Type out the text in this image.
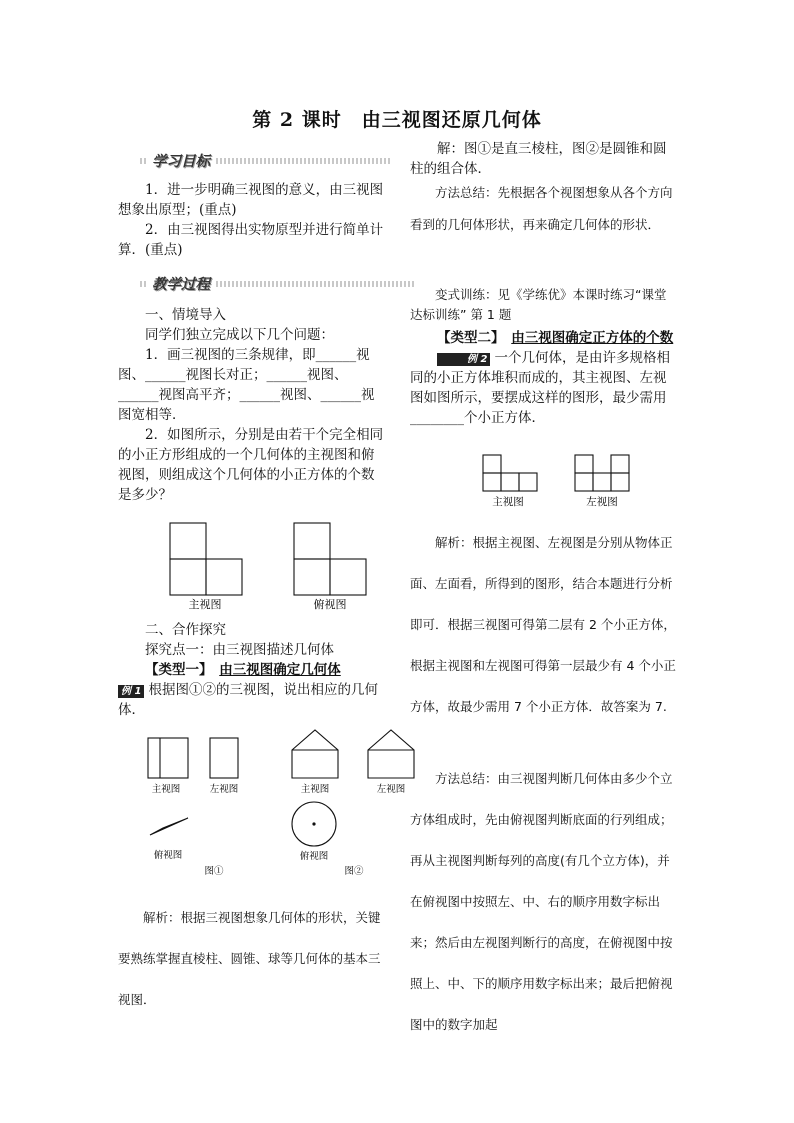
第 2 课时　由三视图还原几何体
学习目标

1．进一步明确三视图的意义，由三视图想象出原型；(重点)

2．由三视图得出实物原型并进行简单计算．(重点)

教学过程

一、情境导入

同学们独立完成以下几个问题：

1．画三视图的三条规律，即______视图、______视图长对正；______视图、______视图高平齐；______视图、______视图宽相等．

2．如图所示，分别是由若干个完全相同的小正方形组成的一个几何体的主视图和俯视图，则组成这个几何体的小正方体的个数是多少？

主视图	俯视图

二、合作探究

探究点一：由三视图描述几何体

【类型一】　 由三视图确定几何体

例 1 根据图①②的三视图，说出相应的几何体．

主视图	左视图
俯视图
图①
主视图	左视图
俯视图
图②

解析：根据三视图想象几何体的形状，关键要熟练掌握直棱柱、圆锥、球等几何体的基本三视图．

解：图①是直三棱柱，图②是圆锥和圆柱的组合体．

方法总结：先根据各个视图想象从各个方向看到的几何体形状，再来确定几何体的形状．

变式训练：见《学练优》本课时练习“课堂达标训练” 第 1 题

【类型二】　 由三视图确定正方体的个数

例 2 一个几何体，是由许多规格相同的小正方体堆积而成的，其主视图、左视图如图所示，要摆成这样的图形，最少需用________个小正方体．

主视图	左视图

解析：根据主视图、左视图是分别从物体正面、左面看，所得到的图形，结合本题进行分析即可．根据三视图可得第二层有 2 个小正方体，根据主视图和左视图可得第一层最少有 4 个小正方体，故最少需用 7 个小正方体．故答案为 7.

方法总结：由三视图判断几何体由多少个立方体组成时，先由俯视图判断底面的行列组成；再从主视图判断每列的高度(有几个立方体)，并在俯视图中按照左、中、右的顺序用数字标出来；然后由左视图判断行的高度，在俯视图中按照上、中、下的顺序用数字标出来；最后把俯视图中的数字加起
